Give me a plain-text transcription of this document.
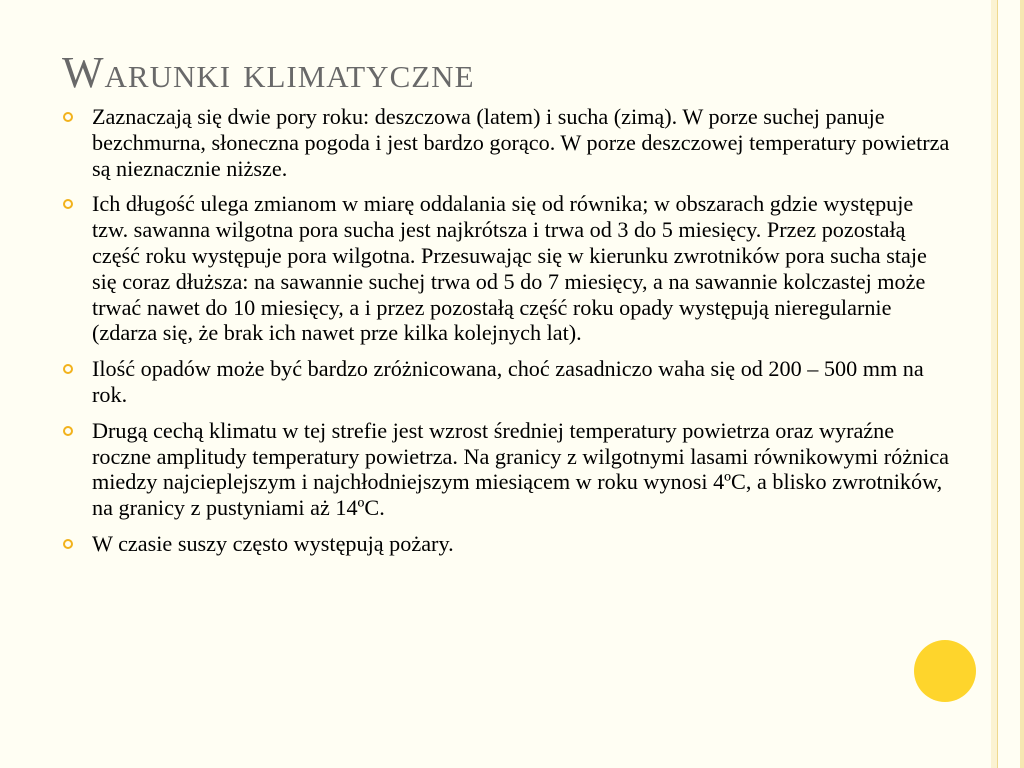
Warunki klimatyczne
Zaznaczają się dwie pory roku: deszczowa (latem) i sucha (zimą). W porze suchej panuje bezchmurna, słoneczna pogoda i jest bardzo gorąco. W porze deszczowej temperatury powietrza są nieznacznie niższe.
Ich długość ulega zmianom w miarę oddalania się od równika; w obszarach gdzie występuje tzw. sawanna wilgotna pora sucha jest najkrótsza i trwa od 3 do 5 miesięcy. Przez pozostałą część roku występuje pora wilgotna. Przesuwając się w kierunku zwrotników pora sucha staje się coraz dłuższa: na sawannie suchej trwa od 5 do 7 miesięcy, a na sawannie kolczastej może trwać nawet do 10 miesięcy, a i przez pozostałą część roku opady występują nieregularnie (zdarza się, że brak ich nawet prze kilka kolejnych lat).
Ilość opadów może być bardzo zróżnicowana, choć zasadniczo waha się od 200 – 500 mm na rok.
Drugą cechą klimatu w tej strefie jest wzrost średniej temperatury powietrza oraz wyraźne roczne amplitudy temperatury powietrza. Na granicy z wilgotnymi lasami równikowymi różnica miedzy najcieplejszym i najchłodniejszym miesiącem w roku wynosi 4ºC, a blisko zwrotników, na granicy z pustyniami aż 14ºC.
W czasie suszy często występują pożary.
